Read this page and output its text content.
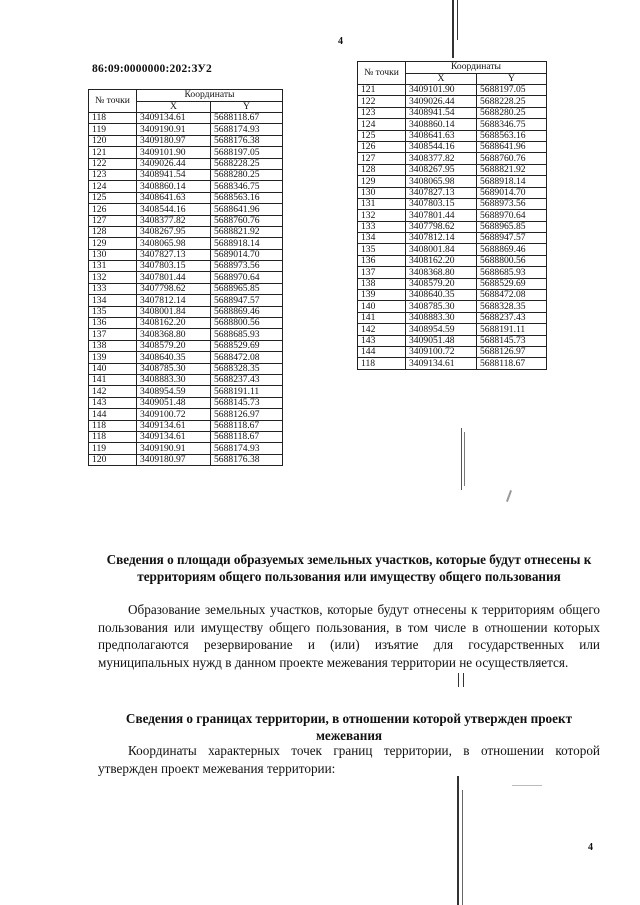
4
86:09:0000000:202:ЗУ2
№ точки	Координаты	
	X	Y
118	3409134.61	5688118.67
119	3409190.91	5688174.93
120	3409180.97	5688176.38
121	3409101.90	5688197.05
122	3409026.44	5688228.25
123	3408941.54	5688280.25
124	3408860.14	5688346.75
125	3408641.63	5688563.16
126	3408544.16	5688641.96
127	3408377.82	5688760.76
128	3408267.95	5688821.92
129	3408065.98	5688918.14
130	3407827.13	5689014.70
131	3407803.15	5688973.56
132	3407801.44	5688970.64
133	3407798.62	5688965.85
134	3407812.14	5688947.57
135	3408001.84	5688869.46
136	3408162.20	5688800.56
137	3408368.80	5688685.93
138	3408579.20	5688529.69
139	3408640.35	5688472.08
140	3408785.30	5688328.35
141	3408883.30	5688237.43
142	3408954.59	5688191.11
143	3409051.48	5688145.73
144	3409100.72	5688126.97
118	3409134.61	5688118.67
118	3409134.61	5688118.67
119	3409190.91	5688174.93
120	3409180.97	5688176.38
№ точки	Координаты	
	X	Y
121	3409101.90	5688197.05
122	3409026.44	5688228.25
123	3408941.54	5688280.25
124	3408860.14	5688346.75
125	3408641.63	5688563.16
126	3408544.16	5688641.96
127	3408377.82	5688760.76
128	3408267.95	5688821.92
129	3408065.98	5688918.14
130	3407827.13	5689014.70
131	3407803.15	5688973.56
132	3407801.44	5688970.64
133	3407798.62	5688965.85
134	3407812.14	5688947.57
135	3408001.84	5688869.46
136	3408162.20	5688800.56
137	3408368.80	5688685.93
138	3408579.20	5688529.69
139	3408640.35	5688472.08
140	3408785.30	5688328.35
141	3408883.30	5688237.43
142	3408954.59	5688191.11
143	3409051.48	5688145.73
144	3409100.72	5688126.97
118	3409134.61	5688118.67
Сведения о площади образуемых земельных участков, которые будут отнесены к территориям общего пользования или имуществу общего пользования
Образование земельных участков, которые будут отнесены к территориям общего пользования или имуществу общего пользования, в том числе в отношении которых предполагаются резервирование и (или) изъятие для государственных или муниципальных нужд в данном проекте межевания территории не осуществляется.
Сведения о границах территории, в отношении которой утвержден проект межевания
Координаты характерных точек границ территории, в отношении которой утвержден проект межевания территории:
4
